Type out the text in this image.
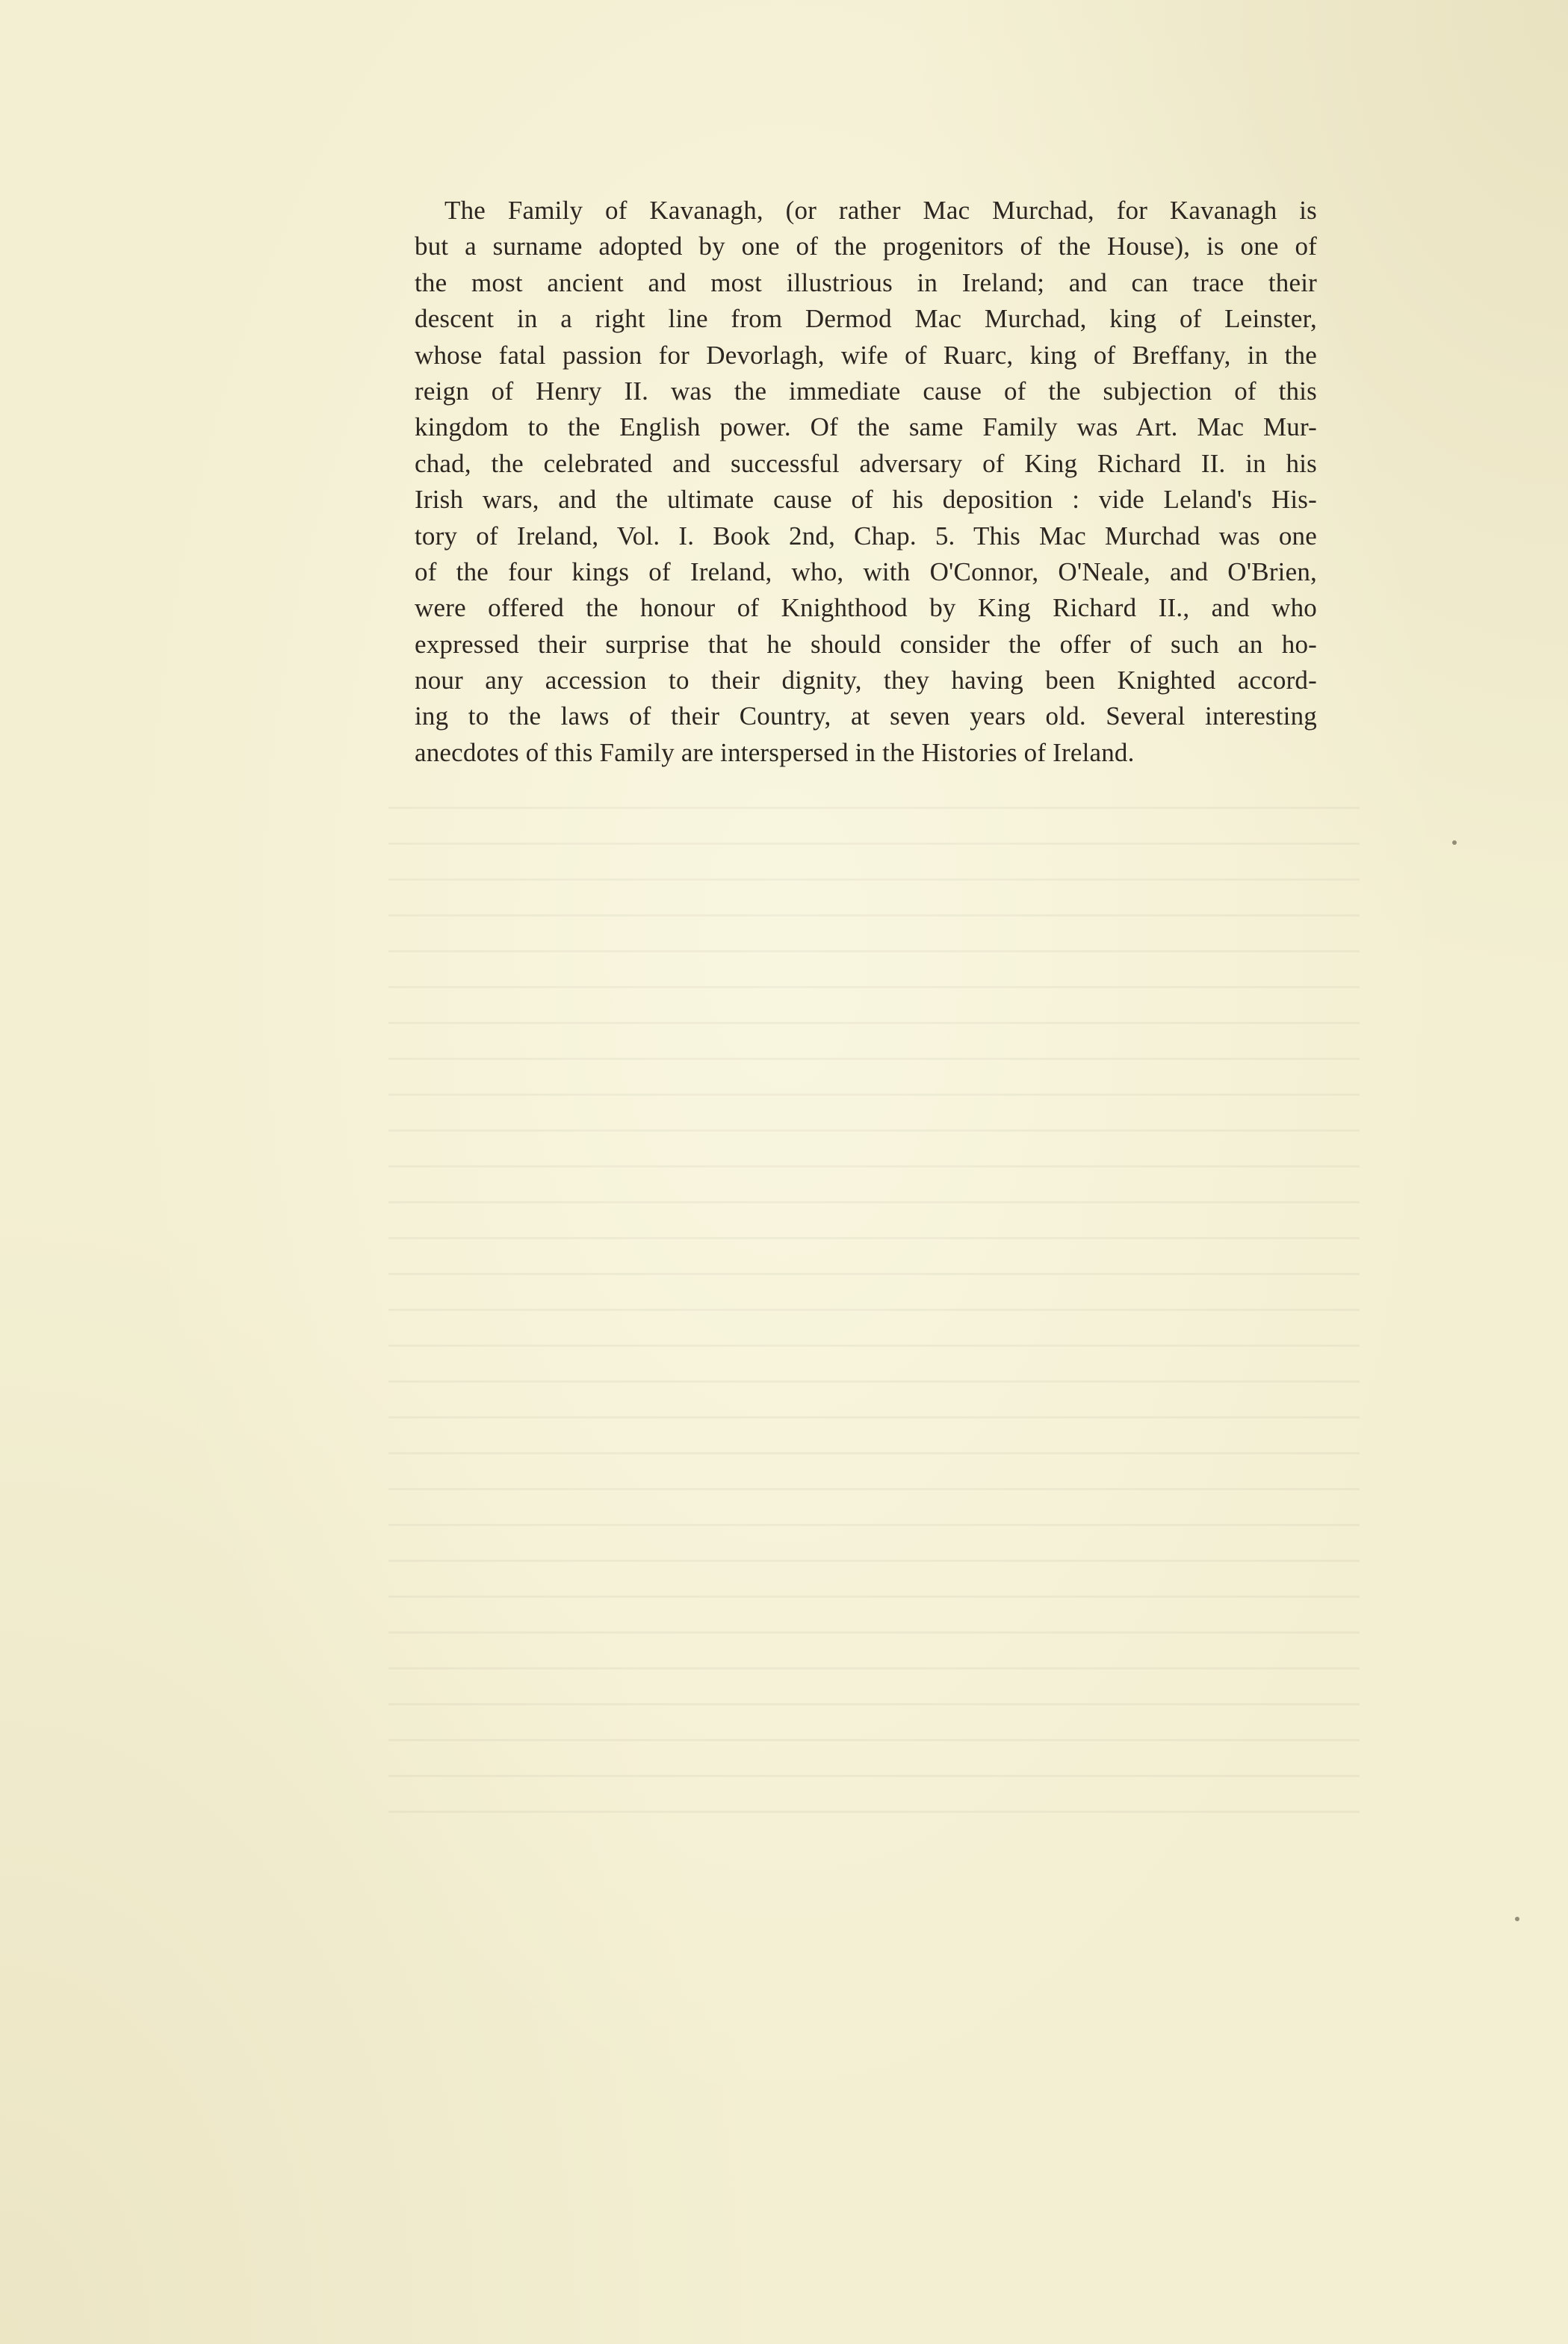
The Family of Kavanagh, (or rather Mac Murchad, for Kavanagh is
but a surname adopted by one of the progenitors of the House), is one of
the most ancient and most illustrious in Ireland; and can trace their
descent in a right line from Dermod Mac Murchad, king of Leinster,
whose fatal passion for Devorlagh, wife of Ruarc, king of Breffany, in the
reign of Henry II. was the immediate cause of the subjection of this
kingdom to the English power. Of the same Family was Art. Mac Mur-
chad, the celebrated and successful adversary of King Richard II. in his
Irish wars, and the ultimate cause of his deposition : vide Leland's His-
tory of Ireland, Vol. I. Book 2nd, Chap. 5. This Mac Murchad was one
of the four kings of Ireland, who, with O'Connor, O'Neale, and O'Brien,
were offered the honour of Knighthood by King Richard II., and who
expressed their surprise that he should consider the offer of such an ho-
nour any accession to their dignity, they having been Knighted accord-
ing to the laws of their Country, at seven years old. Several interesting
anecdotes of this Family are interspersed in the Histories of Ireland.
